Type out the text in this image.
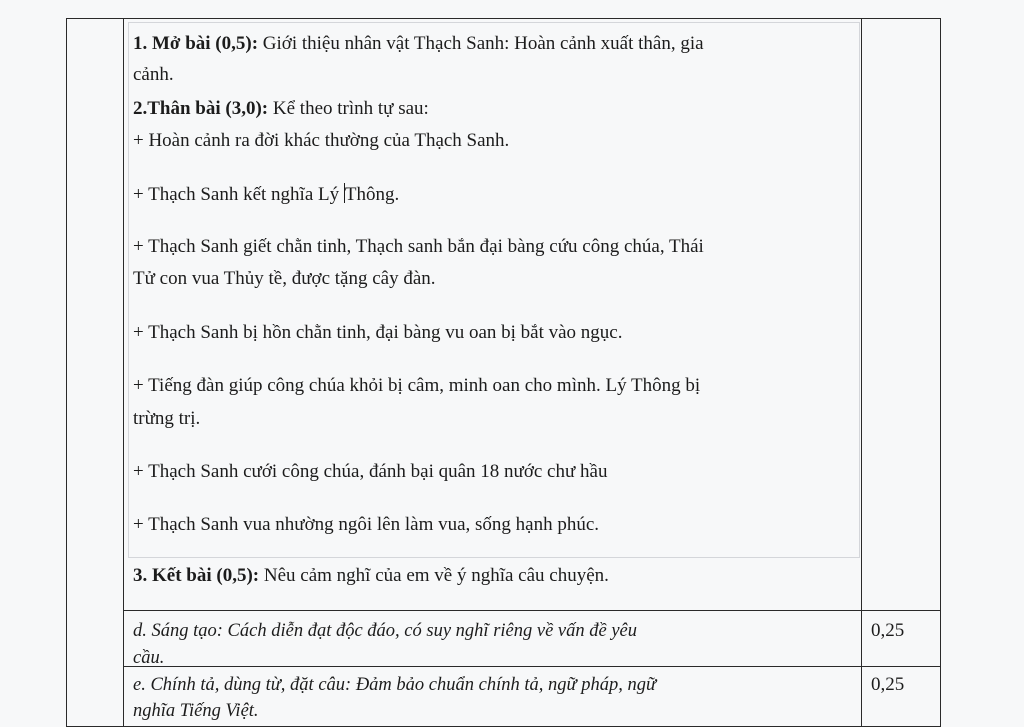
1. Mở bài (0,5): Giới thiệu nhân vật Thạch Sanh: Hoàn cảnh xuất thân, gia
cảnh.
2.Thân bài (3,0): Kể theo trình tự sau:
+ Hoàn cảnh ra đời khác thường của Thạch Sanh.
+ Thạch Sanh kết nghĩa Lý Thông.
+ Thạch Sanh giết chằn tinh, Thạch sanh bắn đại bàng cứu công chúa, Thái
Tử con vua Thủy tề, được tặng cây đàn.
+ Thạch Sanh bị hồn chằn tinh, đại bàng vu oan bị bắt vào ngục.
+ Tiếng đàn giúp công chúa khỏi bị câm, minh oan cho mình. Lý Thông bị
trừng trị.
+ Thạch Sanh cưới công chúa, đánh bại quân 18 nước chư hầu
+ Thạch Sanh vua nhường ngôi lên làm vua, sống hạnh phúc.
3. Kết bài (0,5): Nêu cảm nghĩ của em về ý nghĩa câu chuyện.
d. Sáng tạo: Cách diễn đạt độc đáo, có suy nghĩ riêng về vấn đề yêu
cầu.
0,25
e. Chính tả, dùng từ, đặt câu: Đảm bảo chuẩn chính tả, ngữ pháp, ngữ
nghĩa Tiếng Việt.
0,25
